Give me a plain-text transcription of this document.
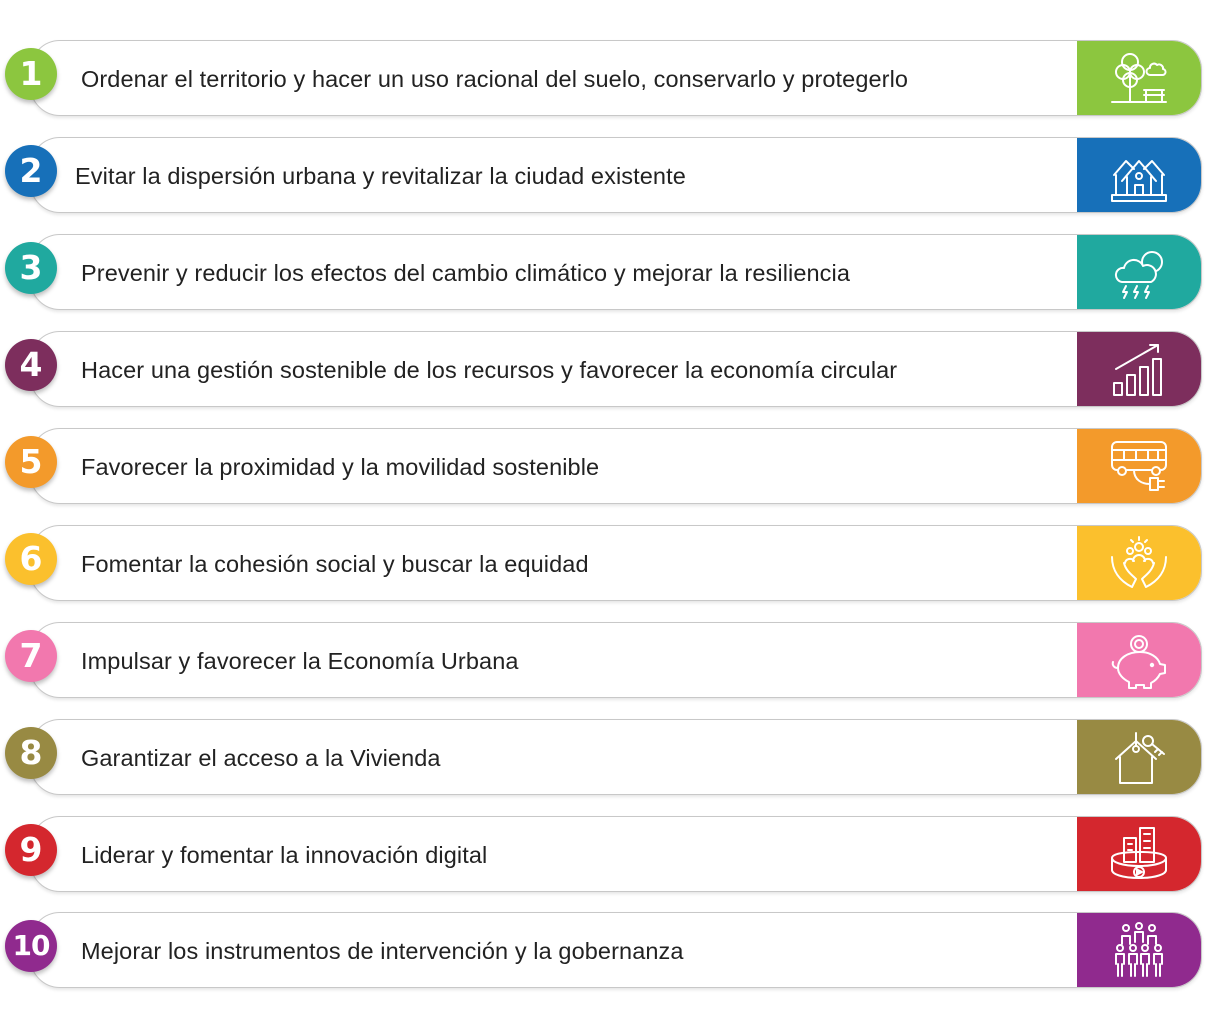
Ordenar el territorio y hacer un uso racional del suelo, conservarlo y protegerlo
1
Evitar la dispersión urbana y revitalizar la ciudad existente
2
Prevenir y reducir los efectos del cambio climático y mejorar la resiliencia
3
Hacer una gestión sostenible de los recursos y favorecer la economía circular
4
Favorecer la proximidad y la movilidad sostenible
5
Fomentar la cohesión social y buscar la equidad
6
Impulsar y favorecer la Economía Urbana
7
Garantizar el acceso a la Vivienda
8
Liderar y fomentar la innovación digital
9
Mejorar los instrumentos de intervención y la gobernanza
10
